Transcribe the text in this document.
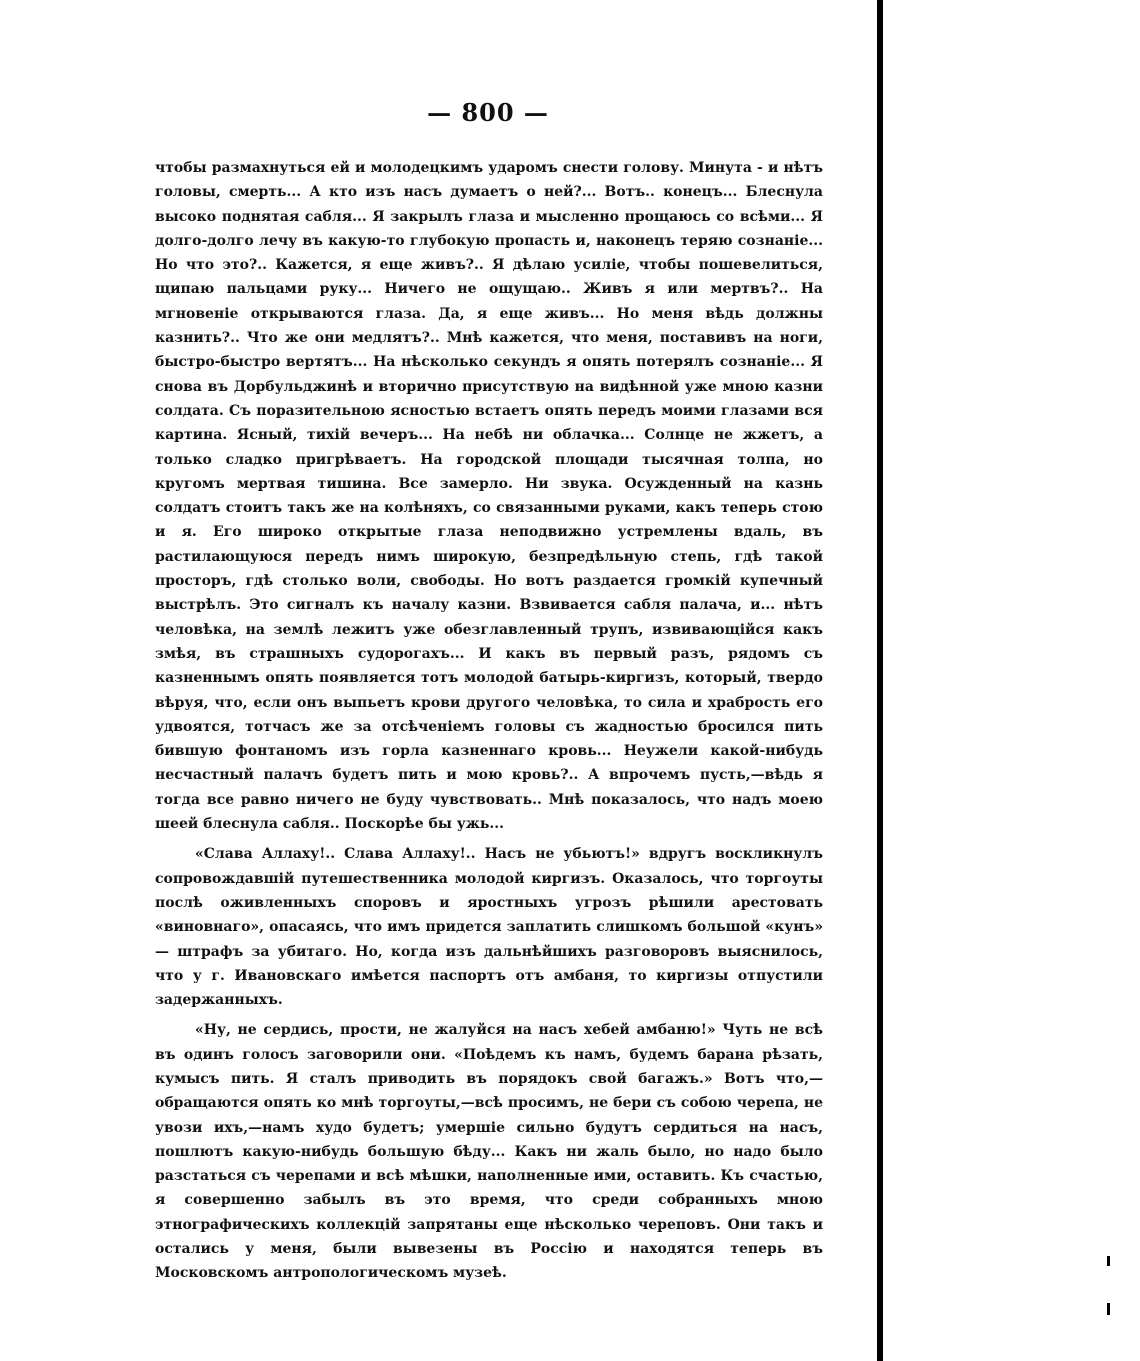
— 800 —

чтобы размахнуться ей и молодецкимъ ударомъ снести голову. Минута - и нѣтъ головы, смерть... А кто изъ насъ думаетъ о ней?... Вотъ.. конецъ... Блеснула высоко поднятая сабля... Я закрылъ глаза и мысленно прощаюсь со всѣми... Я долго-долго лечу въ какую-то глубокую пропасть и, наконецъ теряю сознаніе... Но что это?.. Кажется, я еще живъ?.. Я дѣлаю усиліе, чтобы пошевелиться, щипаю пальцами руку... Ничего не ощущаю.. Живъ я или мертвъ?.. На мгновеніе открываются глаза. Да, я еще живъ... Но меня вѣдь должны казнить?.. Что же они медлятъ?.. Мнѣ кажется, что меня, поставивъ на ноги, быстро-быстро вертятъ... На нѣсколько секундъ я опять потерялъ сознаніе... Я снова въ Дорбульджинѣ и вторично присутствую на видѣнной уже мною казни солдата. Съ поразительною ясностью встаетъ опять передъ моими глазами вся картина. Ясный, тихій вечеръ... На небѣ ни облачка... Солнце не жжетъ, а только сладко пригрѣваетъ. На городской площади тысячная толпа, но кругомъ мертвая тишина. Все замерло. Ни звука. Осужденный на казнь солдатъ стоитъ такъ же на колѣняхъ, со связанными руками, какъ теперь стою и я. Его широко открытые глаза неподвижно устремлены вдаль, въ растилающуюся передъ нимъ широкую, безпредѣльную степь, гдѣ такой просторъ, гдѣ столько воли, свободы. Но вотъ раздается громкій купечный выстрѣлъ. Это сигналъ къ началу казни. Взвивается сабля палача, и... нѣтъ человѣка, на землѣ лежитъ уже обезглавленный трупъ, извивающійся какъ змѣя, въ страшныхъ судорогахъ... И какъ въ первый разъ, рядомъ съ казненнымъ опять появляется тотъ молодой батырь-киргизъ, который, твердо вѣруя, что, если онъ выпьетъ крови другого человѣка, то сила и храбрость его удвоятся, тотчасъ же за отсѣченіемъ головы съ жадностью бросился пить бившую фонтаномъ изъ горла казненнаго кровь... Неужели какой-нибудь несчастный палачъ будетъ пить и мою кровь?.. А впрочемъ пусть,—вѣдь я тогда все равно ничего не буду чувствовать.. Мнѣ показалось, что надъ моею шеей блеснула сабля.. Поскорѣе бы ужь...

«Слава Аллаху!.. Слава Аллаху!.. Насъ не убьютъ!» вдругъ воскликнулъ сопровождавшій путешественника молодой киргизъ. Оказалось, что торгоуты послѣ оживленныхъ споровъ и яростныхъ угрозъ рѣшили арестовать «виновнаго», опасаясь, что имъ придется заплатить слишкомъ большой «кунъ» — штрафъ за убитаго. Но, когда изъ дальнѣйшихъ разговоровъ выяснилось, что у г. Ивановскаго имѣется паспортъ отъ амбаня, то киргизы отпустили задержанныхъ.

«Ну, не сердись, прости, не жалуйся на насъ хебей амбаню!» Чуть не всѣ въ одинъ голосъ заговорили они. «Поѣдемъ къ намъ, будемъ барана рѣзать, кумысъ пить. Я сталъ приводить въ порядокъ свой багажъ.» Вотъ что,—обращаются опять ко мнѣ торгоуты,—всѣ просимъ, не бери съ собою черепа, не увози ихъ,—намъ худо будетъ; умершіе сильно будутъ сердиться на насъ, пошлютъ какую-нибудь большую бѣду... Какъ ни жаль было, но надо было разстаться съ черепами и всѣ мѣшки, наполненные ими, оставить. Къ счастью, я совершенно забылъ въ это время, что среди собранныхъ мною этнографическихъ коллекцій запрятаны еще нѣсколько череповъ. Они такъ и остались у меня, были вывезены въ Россію и находятся теперь въ Московскомъ антропологическомъ музеѣ.
